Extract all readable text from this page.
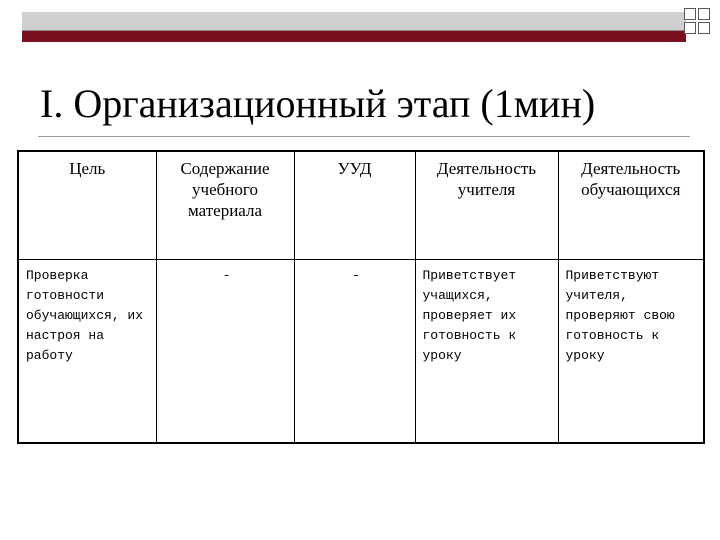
I. Организационный этап (1мин)
Цель	Содержание учебного материала	УУД	Деятельность учителя	Деятельность обучающихся
Проверка готовности обучающихся, их настроя на работу	-	-	Приветствует учащихся, проверяет их готовность к уроку	Приветствуют учителя, проверяют свою готовность к уроку
